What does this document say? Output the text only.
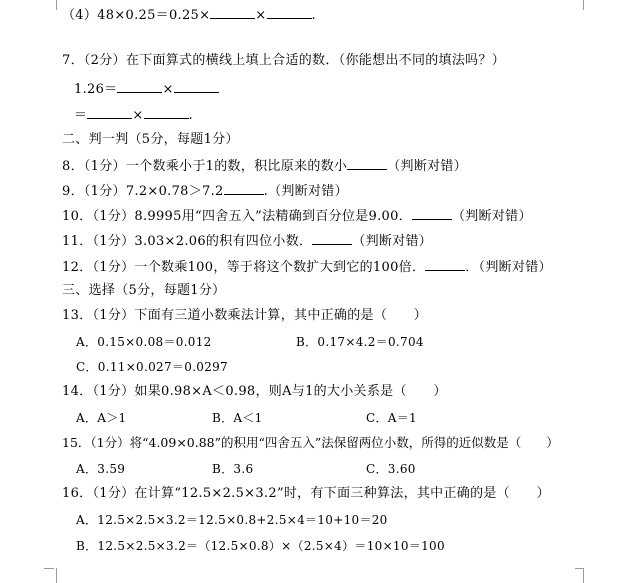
（4）48×0.25＝0.25×	×	.
7．（2分）在下面算式的横线上填上合适的数．（你能想出不同的填法吗？）
1.26＝	×
＝	×	.
二、判一判（5分，每题1分）
8．（1分）一个数乘小于1的数，积比原来的数小	（判断对错）
9．（1分）7.2×0.78＞7.2	.（判断对错）
10．（1分）8.9995用“四舍五入”法精确到百分位是9.00．	（判断对错）
11．（1分）3.03×2.06的积有四位小数．	（判断对错）
12．（1分）一个数乘100，等于将这个数扩大到它的100倍．	．（判断对错）
三、选择（5分，每题1分）
13．（1分）下面有三道小数乘法计算，其中正确的是（　　）
A．0.15×0.08＝0.012	B．0.17×4.2＝0.704
C．0.11×0.027＝0.0297
14．（1分）如果0.98×A＜0.98，则A与1的大小关系是（　　）
A．A＞1	B．A＜1	C．A＝1
15．（1分）将“4.09×0.88”的积用“四舍五入”法保留两位小数，所得的近似数是（　　）
A．3.59	B．3.6	C．3.60
16．（1分）在计算“12.5×2.5×3.2”时，有下面三种算法，其中正确的是（　　）
A．12.5×2.5×3.2＝12.5×0.8+2.5×4＝10+10＝20
B．12.5×2.5×3.2＝（12.5×0.8）×（2.5×4）＝10×10＝100
